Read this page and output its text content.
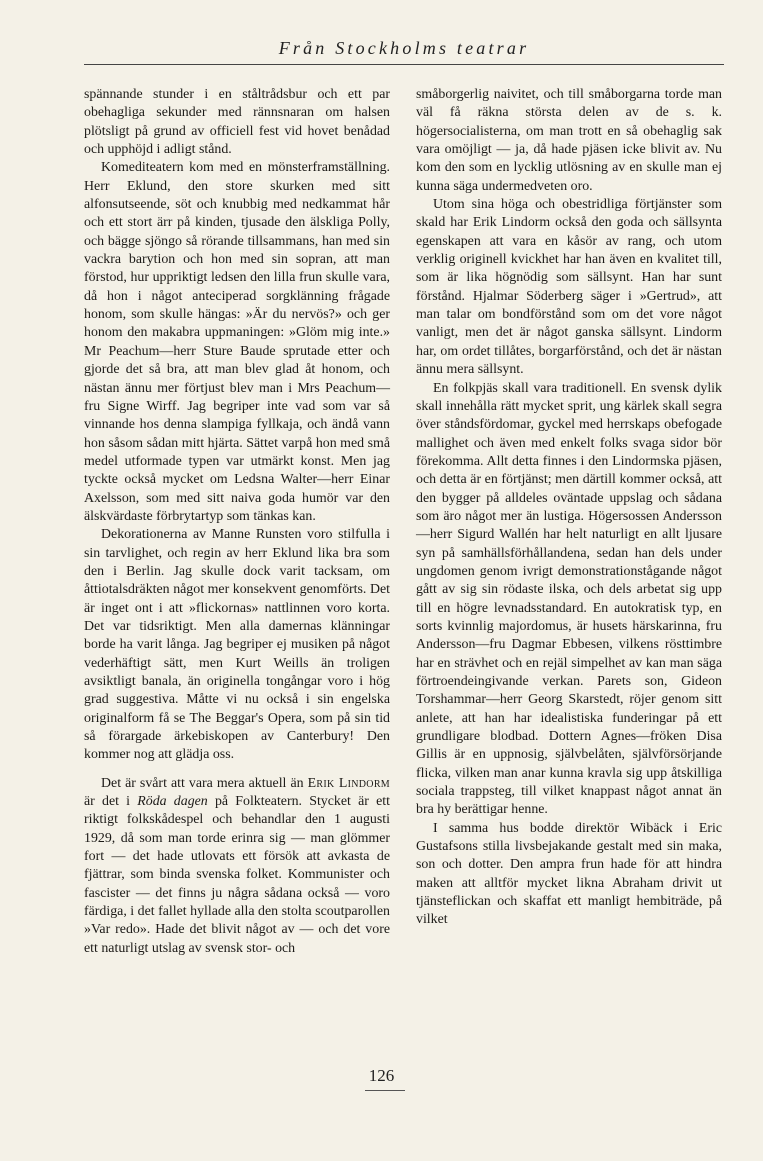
Från Stockholms teatrar

spännande stunder i en ståltrådsbur och ett par obehagliga sekunder med rännsnaran om halsen plötsligt på grund av officiell fest vid hovet benådad och upphöjd i adligt stånd.

Komediteatern kom med en mönsterframställning. Herr Eklund, den store skurken med sitt alfonsutseende, söt och knubbig med nedkammat hår och ett stort ärr på kinden, tjusade den älskliga Polly, och bägge sjöngo så rörande tillsammans, han med sin vackra barytion och hon med sin sopran, att man förstod, hur uppriktigt ledsen den lilla frun skulle vara, då hon i något anteciperad sorgklänning frågade honom, som skulle hängas: »Är du nervös?» och ger honom den makabra uppmaningen: »Glöm mig inte.» Mr Peachum—herr Sture Baude sprutade etter och gjorde det så bra, att man blev glad åt honom, och nästan ännu mer förtjust blev man i Mrs Peachum—fru Signe Wirff. Jag begriper inte vad som var så vinnande hos denna slampiga fyllkaja, och ändå vann hon såsom sådan mitt hjärta. Sättet varpå hon med små medel utformade typen var utmärkt konst. Men jag tyckte också mycket om Ledsna Walter—herr Einar Axelsson, som med sitt naiva goda humör var den älskvärdaste förbrytartyp som tänkas kan.

Dekorationerna av Manne Runsten voro stilfulla i sin tarvlighet, och regin av herr Eklund lika bra som den i Berlin. Jag skulle dock varit tacksam, om åttiotalsdräkten något mer konsekvent genomförts. Det är inget ont i att »flickornas» nattlinnen voro korta. Det var tidsriktigt. Men alla damernas klänningar borde ha varit långa. Jag begriper ej musiken på något vederhäftigt sätt, men Kurt Weills än troligen avsiktligt banala, än originella tongångar voro i hög grad suggestiva. Måtte vi nu också i sin engelska originalform få se The Beggar's Opera, som på sin tid så förargade ärkebiskopen av Canterbury! Den kommer nog att glädja oss.

Det är svårt att vara mera aktuell än Erik Lindorm är det i Röda dagen på Folkteatern. Stycket är ett riktigt folkskådespel och behandlar den 1 augusti 1929, då som man torde erinra sig — man glömmer fort — det hade utlovats ett försök att avkasta de fjättrar, som binda svenska folket. Kommunister och fascister — det finns ju några sådana också — voro färdiga, i det fallet hyllade alla den stolta scoutparollen »Var redo». Hade det blivit något av — och det vore ett naturligt utslag av svensk stor- och

småborgerlig naivitet, och till småborgarna torde man väl få räkna största delen av de s. k. högersocialisterna, om man trott en så obehaglig sak vara omöjligt — ja, då hade pjäsen icke blivit av. Nu kom den som en lycklig utlösning av en skulle man ej kunna säga undermedveten oro.

Utom sina höga och obestridliga förtjänster som skald har Erik Lindorm också den goda och sällsynta egenskapen att vara en kåsör av rang, och utom verklig originell kvickhet har han även en kvalitet till, som är lika högnödig som sällsynt. Han har sunt förstånd. Hjalmar Söderberg säger i »Gertrud», att man talar om bondförstånd som om det vore något vanligt, men det är något ganska sällsynt. Lindorm har, om ordet tillåtes, borgarförstånd, och det är nästan ännu mera sällsynt.

En folkpjäs skall vara traditionell. En svensk dylik skall innehålla rätt mycket sprit, ung kärlek skall segra över ståndsfördomar, gyckel med herrskaps obefogade mallighet och även med enkelt folks svaga sidor bör förekomma. Allt detta finnes i den Lindormska pjäsen, och detta är en förtjänst; men därtill kommer också, att den bygger på alldeles oväntade uppslag och sådana som äro något mer än lustiga. Högersossen Andersson—herr Sigurd Wallén har helt naturligt en allt ljusare syn på samhällsförhållandena, sedan han dels under ungdomen genom ivrigt demonstrationstågande något gått av sig sin rödaste ilska, och dels arbetat sig upp till en högre levnadsstandard. En autokratisk typ, en sorts kvinnlig majordomus, är husets härskarinna, fru Andersson—fru Dagmar Ebbesen, vilkens rösttimbre har en strävhet och en rejäl simpelhet av kan man säga förtroendeingivande verkan. Parets son, Gideon Torshammar—herr Georg Skarstedt, röjer genom sitt anlete, att han har idealistiska funderingar på ett grundligare blodbad. Dottern Agnes—fröken Disa Gillis är en uppnosig, självbelåten, självförsörjande flicka, vilken man anar kunna kravla sig upp åtskilliga sociala trappsteg, till vilket knappast något annat än bra hy berättigar henne.

I samma hus bodde direktör Wibäck i Eric Gustafsons stilla livsbejakande gestalt med sin maka, son och dotter. Den ampra frun hade för att hindra maken att alltför mycket likna Abraham drivit ut tjänsteflickan och skaffat ett manligt hembiträde, på vilket

126
